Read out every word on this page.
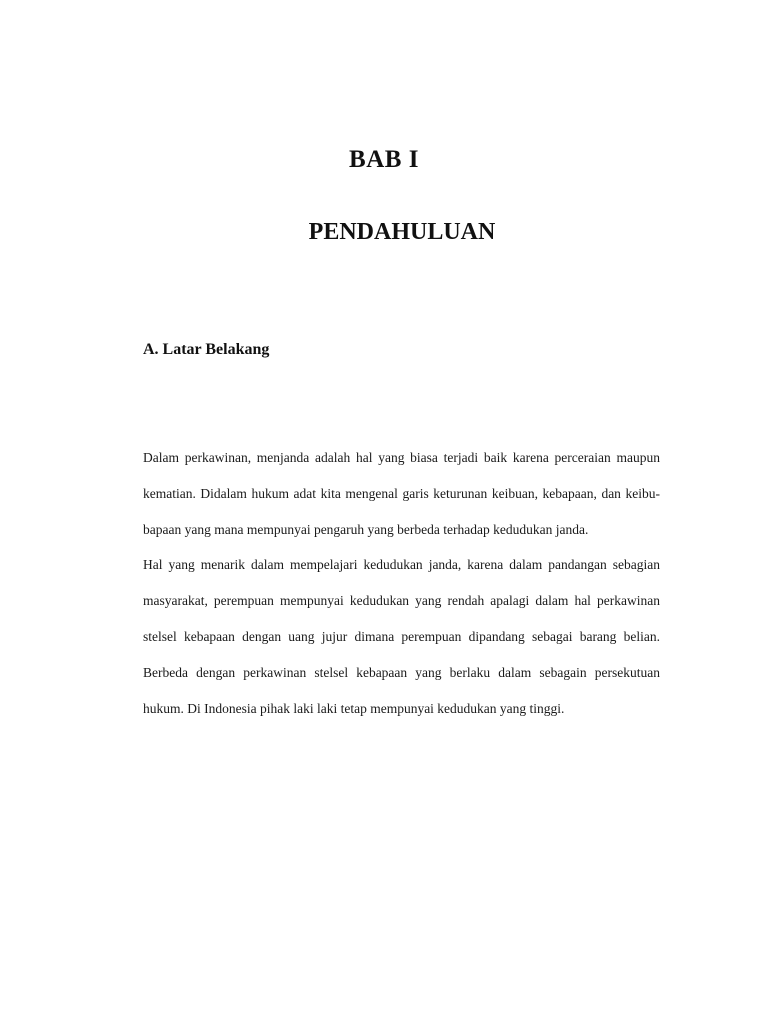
BAB I
PENDAHULUAN
A. Latar Belakang

Dalam perkawinan, menjanda adalah hal yang biasa terjadi baik karena perceraian maupun kematian. Didalam hukum adat kita mengenal garis keturunan keibuan, kebapaan, dan keibu-bapaan yang mana mempunyai pengaruh yang berbeda terhadap kedudukan janda.

Hal yang menarik dalam mempelajari kedudukan janda, karena dalam pandangan sebagian masyarakat, perempuan mempunyai kedudukan yang rendah apalagi dalam hal perkawinan stelsel kebapaan dengan uang jujur dimana perempuan dipandang sebagai barang belian. Berbeda dengan perkawinan stelsel kebapaan yang berlaku dalam sebagain persekutuan hukum. Di Indonesia pihak laki laki tetap mempunyai kedudukan yang tinggi.
